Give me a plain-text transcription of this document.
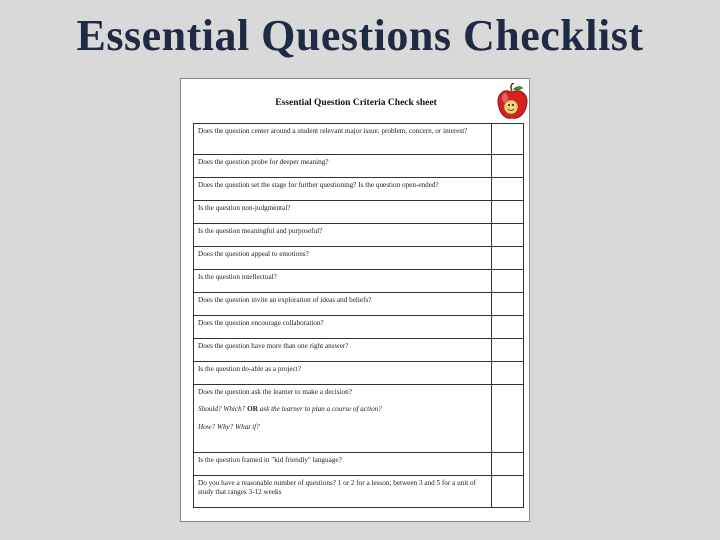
Essential Questions Checklist
Essential Question Criteria Check sheet
Does the question center around a student relevant major issue, problem, concern, or interest?	
Does the question probe for deeper meaning?	
Does the question set the stage for further questioning? Is the question open-ended?	
Is the question non-judgmental?	
Is the question meaningful and purposeful?	
Does the question appeal to emotions?	
Is the question intellectual?	
Does the question invite an exploration of ideas and beliefs?	
Does the question encourage collaboration?	
Does the question have more than one right answer?	
Is the question do-able as a project?	
Does the question ask the learner to make a decision?
Should? Which? OR ask the learner to plan a course of action?
How? Why? What if?	

Is the question framed in "kid friendly" language?	
Do you have a reasonable number of questions? 1 or 2 for a lesson; between 3 and 5 for a unit of study that ranges 3-12 weeks	
